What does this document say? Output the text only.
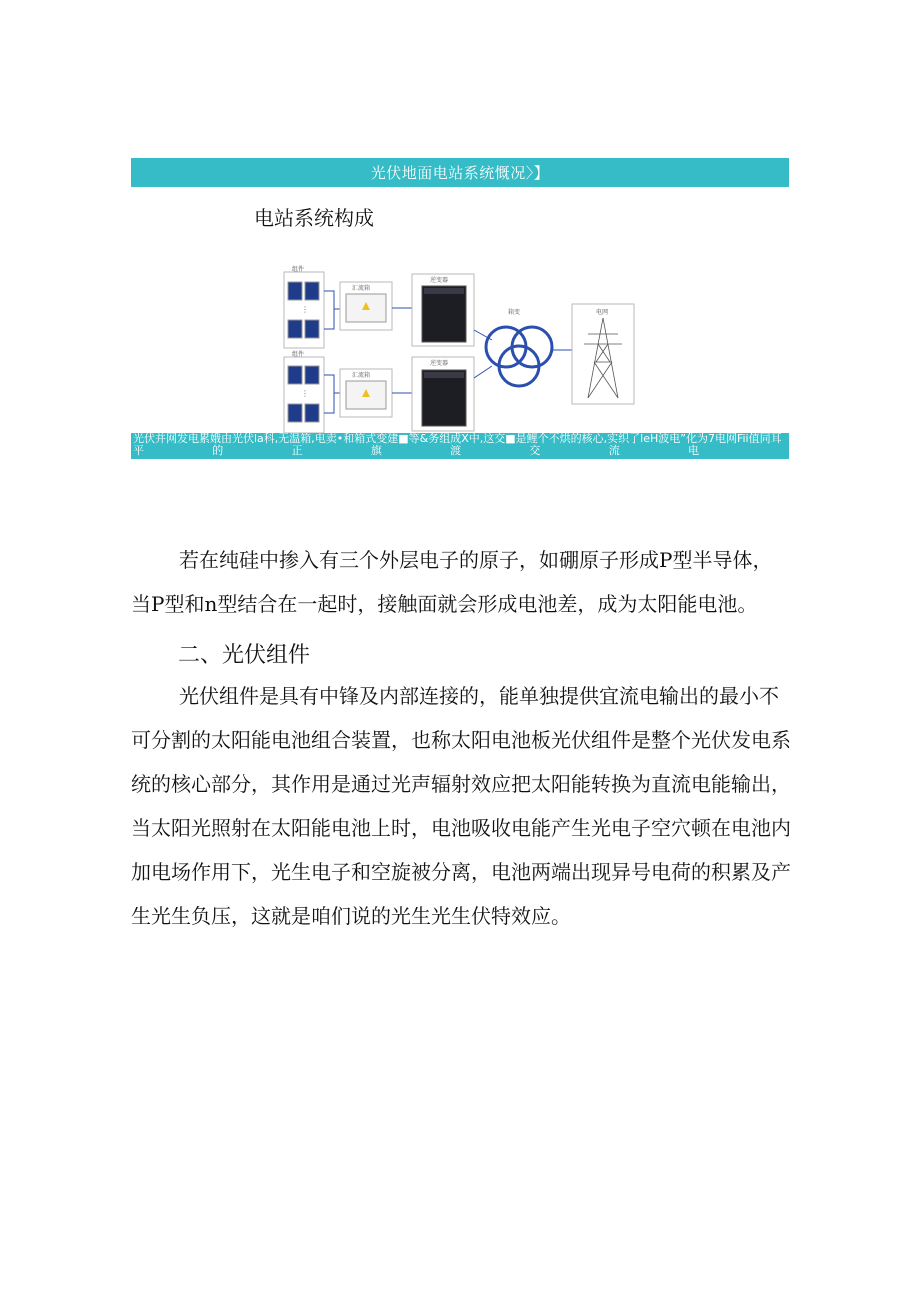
光伏地面电站系统慨况〉】
电站系统构成
组件
⋮
组件
⋮
汇流箱
汇流箱
逆变器
逆变器
箱变	电网
光伏并网发电累娥由光伏la科,无温箱,电卖•和箱式变建■等&务组成X中,这交■是鲤个不烘的核心,实织了leH波电”化为7电网Fii值同耳
平	的	正	旗	渡	交	流	电

若在纯硅中掺入有三个外层电子的原子，如硼原子形成P型半导体，当P型和n型结合在一起时，接触面就会形成电池差，成为太阳能电池。

二、光伏组件

光伏组件是具有中锋及内部连接的，能单独提供宜流电输出的最小不可分割的太阳能电池组合装置，也称太阳电池板光伏组件是整个光伏发电系统的核心部分，其作用是通过光声辐射效应把太阳能转换为直流电能输出，当太阳光照射在太阳能电池上时，电池吸收电能产生光电子空穴顿在电池内加电场作用下，光生电子和空旋被分离，电池两端出现异号电荷的积累及产生光生负压，这就是咱们说的光生光生伏特效应。
